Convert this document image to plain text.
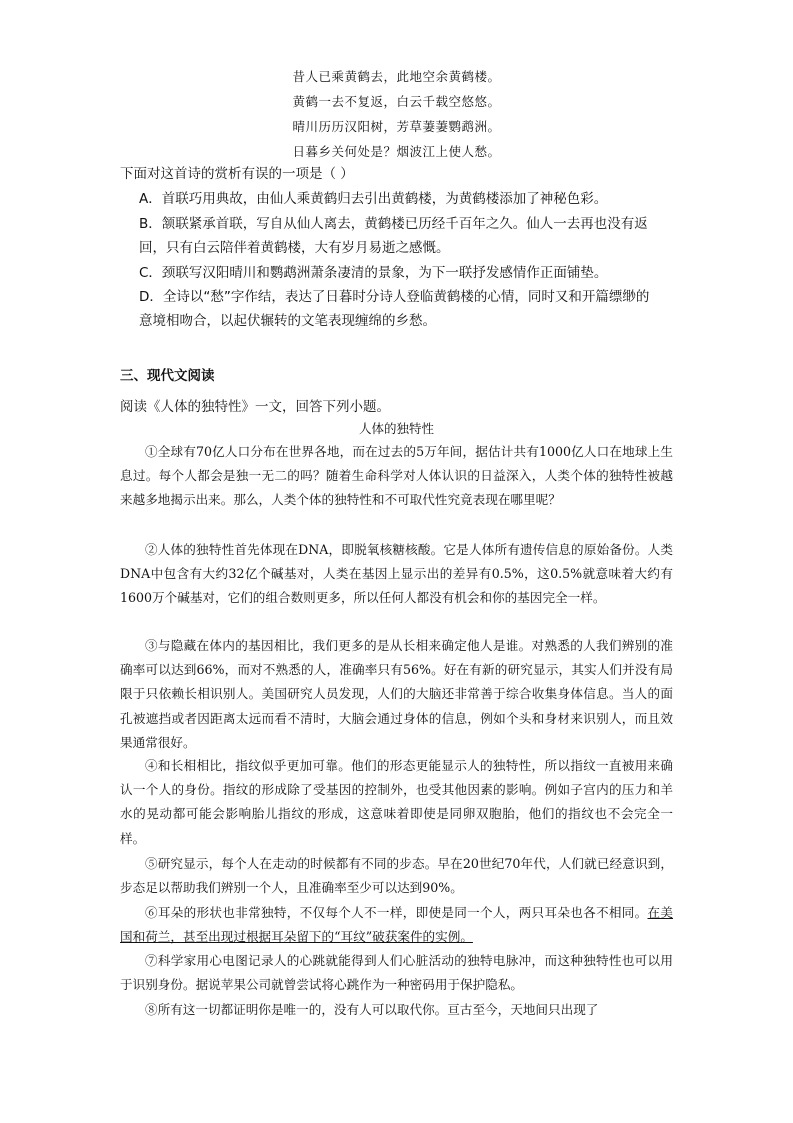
昔人已乘黄鹤去，此地空余黄鹤楼。
黄鹤一去不复返，白云千载空悠悠。
晴川历历汉阳树，芳草萋萋鹦鹉洲。
日暮乡关何处是？烟波江上使人愁。
下面对这首诗的赏析有误的一项是（ ）
A．首联巧用典故，由仙人乘黄鹤归去引出黄鹤楼，为黄鹤楼添加了神秘色彩。
B．颔联紧承首联，写自从仙人离去，黄鹤楼已历经千百年之久。仙人一去再也没有返
回，只有白云陪伴着黄鹤楼，大有岁月易逝之感慨。
C．颈联写汉阳晴川和鹦鹉洲萧条凄清的景象，为下一联抒发感情作正面铺垫。
D．全诗以“愁”字作结，表达了日暮时分诗人登临黄鹤楼的心情，同时又和开篇缥缈的
意境相吻合，以起伏辗转的文笔表现缠绵的乡愁。
三、现代文阅读
阅读《人体的独特性》一文，回答下列小题。
人体的独特性
①全球有70亿人口分布在世界各地，而在过去的5万年间，据估计共有1000亿人口在地球上生息过。每个人都会是独一无二的吗？随着生命科学对人体认识的日益深入，人类个体的独特性被越来越多地揭示出来。那么，人类个体的独特性和不可取代性究竟表现在哪里呢？
②人体的独特性首先体现在DNA，即脱氧核糖核酸。它是人体所有遗传信息的原始备份。人类DNA中包含有大约32亿个碱基对，人类在基因上显示出的差异有0.5%，这0.5%就意味着大约有1600万个碱基对，它们的组合数则更多，所以任何人都没有机会和你的基因完全一样。
③与隐藏在体内的基因相比，我们更多的是从长相来确定他人是谁。对熟悉的人我们辨别的准确率可以达到66%，而对不熟悉的人，准确率只有56%。好在有新的研究显示，其实人们并没有局限于只依赖长相识别人。美国研究人员发现，人们的大脑还非常善于综合收集身体信息。当人的面孔被遮挡或者因距离太远而看不清时，大脑会通过身体的信息，例如个头和身材来识别人，而且效果通常很好。
④和长相相比，指纹似乎更加可靠。他们的形态更能显示人的独特性，所以指纹一直被用来确认一个人的身份。指纹的形成除了受基因的控制外，也受其他因素的影响。例如子宫内的压力和羊水的晃动都可能会影响胎儿指纹的形成，这意味着即使是同卵双胞胎，他们的指纹也不会完全一样。
⑤研究显示，每个人在走动的时候都有不同的步态。早在20世纪70年代，人们就已经意识到，步态足以帮助我们辨别一个人，且准确率至少可以达到90%。
⑥耳朵的形状也非常独特，不仅每个人不一样，即使是同一个人，两只耳朵也各不相同。在美国和荷兰，甚至出现过根据耳朵留下的“耳纹”破获案件的实例。
⑦科学家用心电图记录人的心跳就能得到人们心脏活动的独特电脉冲，而这种独特性也可以用于识别身份。据说苹果公司就曾尝试将心跳作为一种密码用于保护隐私。
⑧所有这一切都证明你是唯一的，没有人可以取代你。亘古至今，天地间只出现了
